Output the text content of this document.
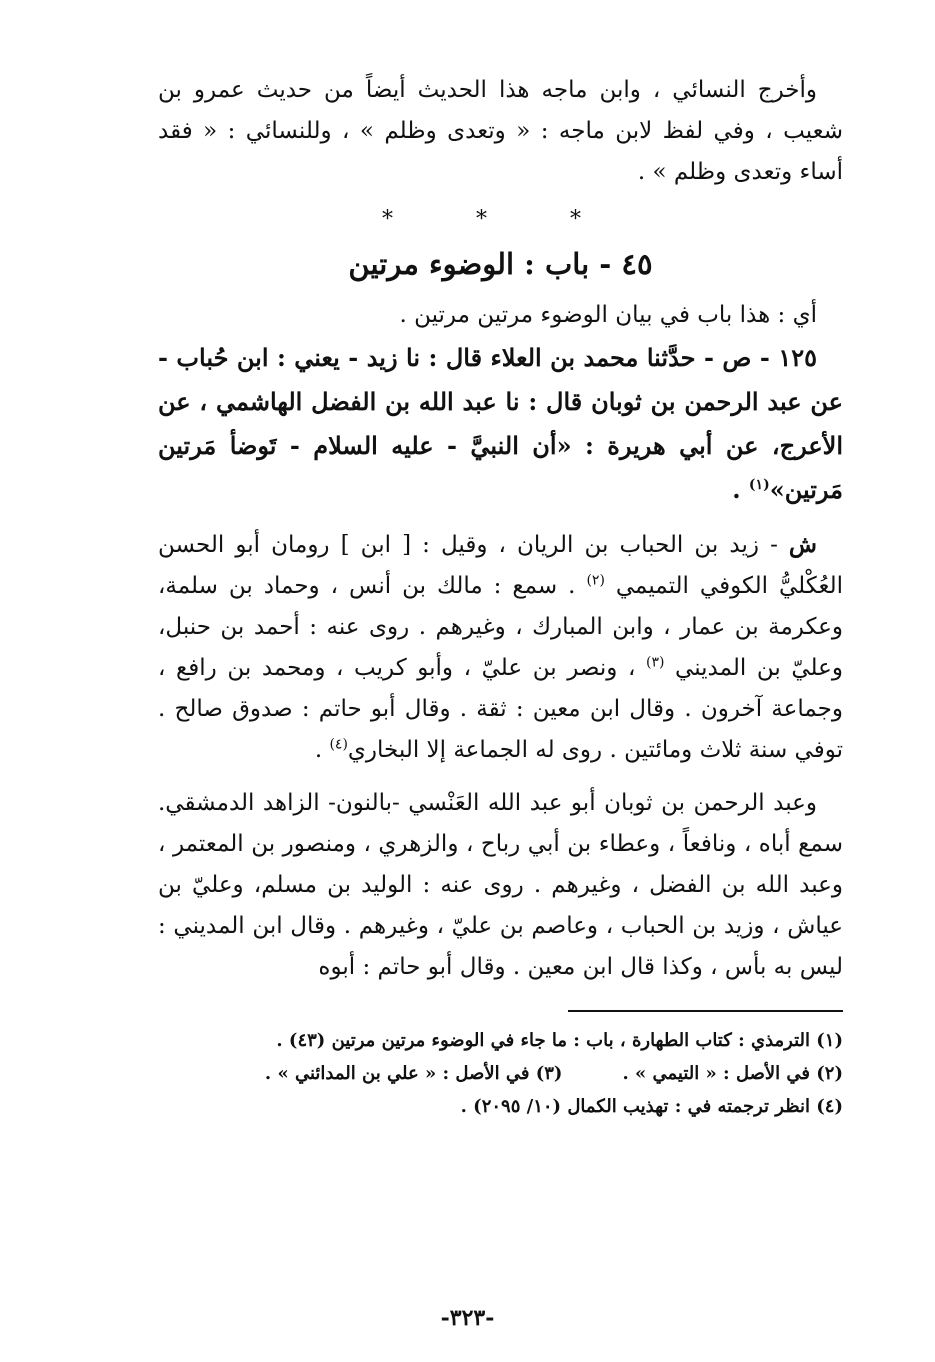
وأخرج النسائي ، وابن ماجه هذا الحديث أيضاً من حديث عمرو بن شعيب ، وفي لفظ لابن ماجه : « وتعدى وظلم » ، وللنسائي : « فقد أساء وتعدى وظلم » .

* * *
٤٥ - باب : الوضوء مرتين

أي : هذا باب في بيان الوضوء مرتين مرتين .

١٢٥ - ص - حدَّثنا محمد بن العلاء قال : نا زيد - يعني : ابن حُباب - عن عبد الرحمن بن ثوبان قال : نا عبد الله بن الفضل الهاشمي ، عن الأعرج، عن أبي هريرة : «أن النبيَّ - عليه السلام - تَوضأ مَرتين مَرتين»$^{(١)}$ .

ش - زيد بن الحباب بن الريان ، وقيل : [ ابن ] رومان أبو الحسن العُكْليُّ الكوفي التميمي $^{(٢)}$ . سمع : مالك بن أنس ، وحماد بن سلمة، وعكرمة بن عمار ، وابن المبارك ، وغيرهم . روى عنه : أحمد بن حنبل، وعليّ بن المديني $^{(٣)}$ ، ونصر بن عليّ ، وأبو كريب ، ومحمد بن رافع ، وجماعة آخرون . وقال ابن معين : ثقة . وقال أبو حاتم : صدوق صالح . توفي سنة ثلاث ومائتين . روى له الجماعة إلا البخاري$^{(٤)}$ .

وعبد الرحمن بن ثوبان أبو عبد الله العَنْسي -بالنون- الزاهد الدمشقي. سمع أباه ، ونافعاً ، وعطاء بن أبي رباح ، والزهري ، ومنصور بن المعتمر ، وعبد الله بن الفضل ، وغيرهم . روى عنه : الوليد بن مسلم، وعليّ بن عياش ، وزيد بن الحباب ، وعاصم بن عليّ ، وغيرهم . وقال ابن المديني : ليس به بأس ، وكذا قال ابن معين . وقال أبو حاتم : أبوه

(١) الترمذي : كتاب الطهارة ، باب : ما جاء في الوضوء مرتين مرتين (٤٣) .

(٢) في الأصل : « التيمي » .

(٣) في الأصل : « علي بن المدائني » .

(٤) انظر ترجمته في : تهذيب الكمال (١٠/ ٢٠٩٥) .

-٣٢٣-
